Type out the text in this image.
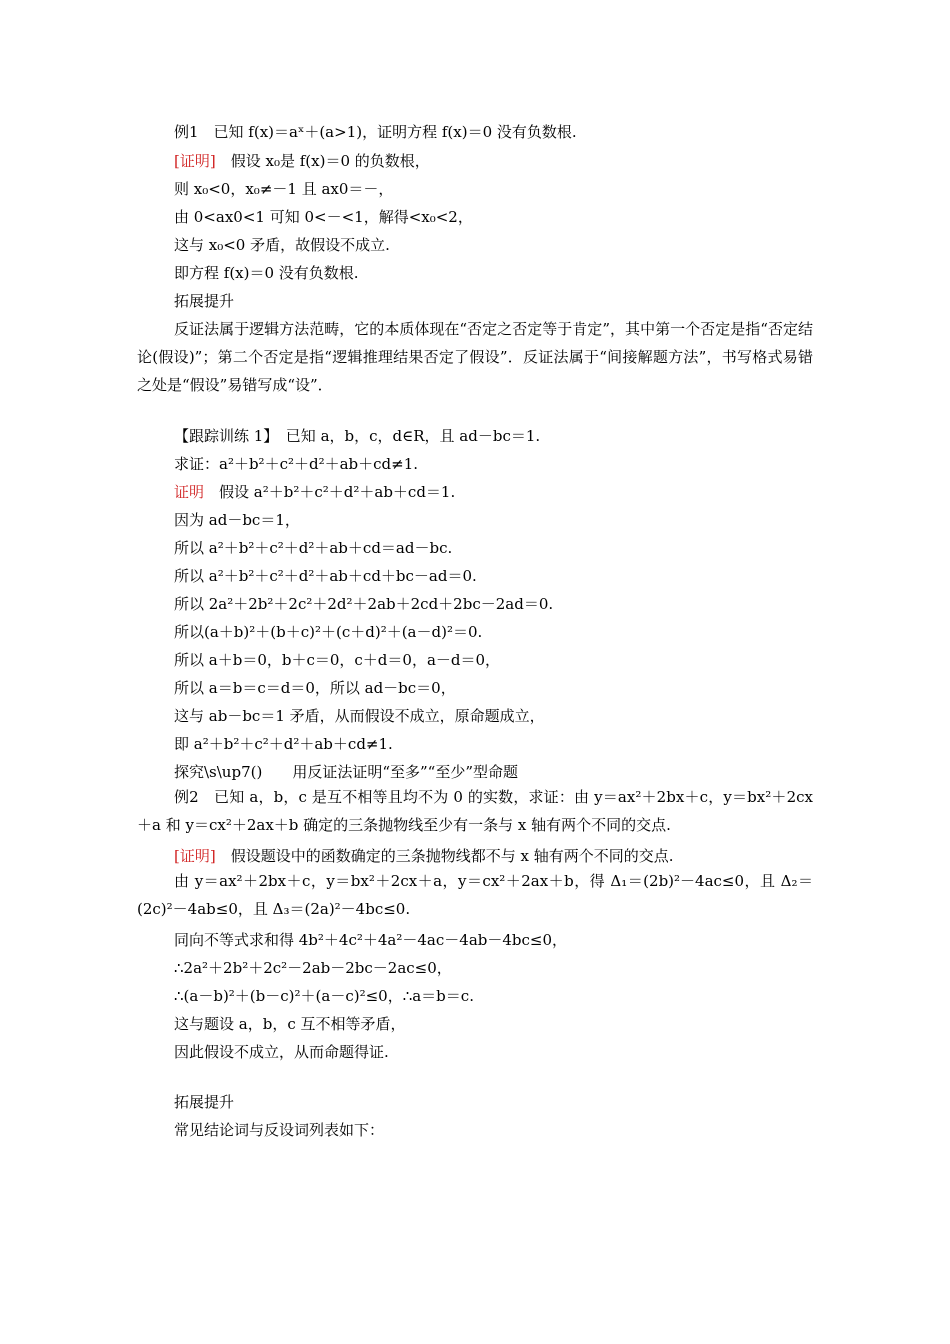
例1　已知 f(x)＝aˣ＋(a>1)，证明方程 f(x)＝0 没有负数根.
[证明]　假设 x₀是 f(x)＝0 的负数根，
则 x₀<0，x₀≠－1 且 ax0＝－，
由 0<ax0<1 可知 0<－<1，解得<x₀<2，
这与 x₀<0 矛盾，故假设不成立.
即方程 f(x)＝0 没有负数根.
拓展提升
反证法属于逻辑方法范畴，它的本质体现在“否定之否定等于肯定”，其中第一个否定是指“否定结论(假设)”；第二个否定是指“逻辑推理结果否定了假设”．反证法属于“间接解题方法”，书写格式易错之处是“假设”易错写成“设”．
【跟踪训练 1】　已知 a，b，c，d∈R，且 ad－bc＝1.
求证：a²＋b²＋c²＋d²＋ab＋cd≠1.
证明　假设 a²＋b²＋c²＋d²＋ab＋cd＝1.
因为 ad－bc＝1，
所以 a²＋b²＋c²＋d²＋ab＋cd＝ad－bc.
所以 a²＋b²＋c²＋d²＋ab＋cd＋bc－ad＝0.
所以 2a²＋2b²＋2c²＋2d²＋2ab＋2cd＋2bc－2ad＝0.
所以(a＋b)²＋(b＋c)²＋(c＋d)²＋(a－d)²＝0.
所以 a＋b＝0，b＋c＝0，c＋d＝0，a－d＝0，
所以 a＝b＝c＝d＝0，所以 ad－bc＝0，
这与 ab－bc＝1 矛盾，从而假设不成立，原命题成立，
即 a²＋b²＋c²＋d²＋ab＋cd≠1.
探究\s\up7()　　用反证法证明“至多”“至少”型命题
例2　已知 a，b，c 是互不相等且均不为 0 的实数，求证：由 y＝ax²＋2bx＋c，y＝bx²＋2cx＋a 和 y＝cx²＋2ax＋b 确定的三条抛物线至少有一条与 x 轴有两个不同的交点.
[证明]　假设题设中的函数确定的三条抛物线都不与 x 轴有两个不同的交点.
由 y＝ax²＋2bx＋c，y＝bx²＋2cx＋a，y＝cx²＋2ax＋b，得 Δ₁＝(2b)²－4ac≤0，且 Δ₂＝(2c)²－4ab≤0，且 Δ₃＝(2a)²－4bc≤0.
同向不等式求和得 4b²＋4c²＋4a²－4ac－4ab－4bc≤0，
∴2a²＋2b²＋2c²－2ab－2bc－2ac≤0，
∴(a－b)²＋(b－c)²＋(a－c)²≤0，∴a＝b＝c.
这与题设 a，b，c 互不相等矛盾，
因此假设不成立，从而命题得证.
拓展提升
常见结论词与反设词列表如下：
